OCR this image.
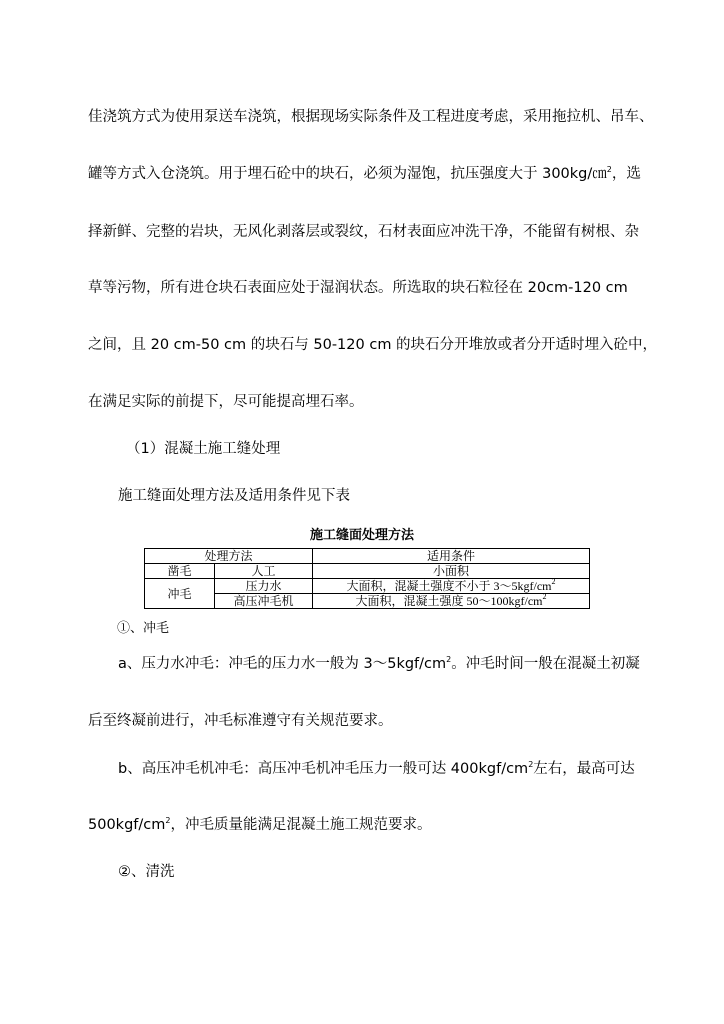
佳浇筑方式为使用泵送车浇筑，根据现场实际条件及工程进度考虑，采用拖拉机、吊车、
罐等方式入仓浇筑。用于埋石砼中的块石，必须为湿饱，抗压强度大于 300kg/㎝$^2$，选
择新鲜、完整的岩块，无风化剥落层或裂纹，石材表面应冲洗干净，不能留有树根、杂
草等污物，所有进仓块石表面应处于湿润状态。所选取的块石粒径在 20cm-120 cm
之间，且 20 cm-50 cm 的块石与 50-120 cm 的块石分开堆放或者分开适时埋入砼中，
在满足实际的前提下，尽可能提高埋石率。
（1）混凝土施工缝处理
施工缝面处理方法及适用条件见下表
施工缝面处理方法
处理方法		适用条件
凿毛	人工	小面积
冲毛	压力水	大面积，混凝土强度不小于 $3\sim 5kgf/cm^2$
	高压冲毛机	大面积，混凝土强度 $50\sim 100kgf/cm^2$
①、冲毛
a、压力水冲毛：冲毛的压力水一般为 $3\sim 5kgf/cm^2$。冲毛时间一般在混凝土初凝
后至终凝前进行，冲毛标准遵守有关规范要求。
b、高压冲毛机冲毛：高压冲毛机冲毛压力一般可达 $400kgf/cm^2$左右，最高可达
$500kgf/cm^2$，冲毛质量能满足混凝土施工规范要求。
②、清洗
